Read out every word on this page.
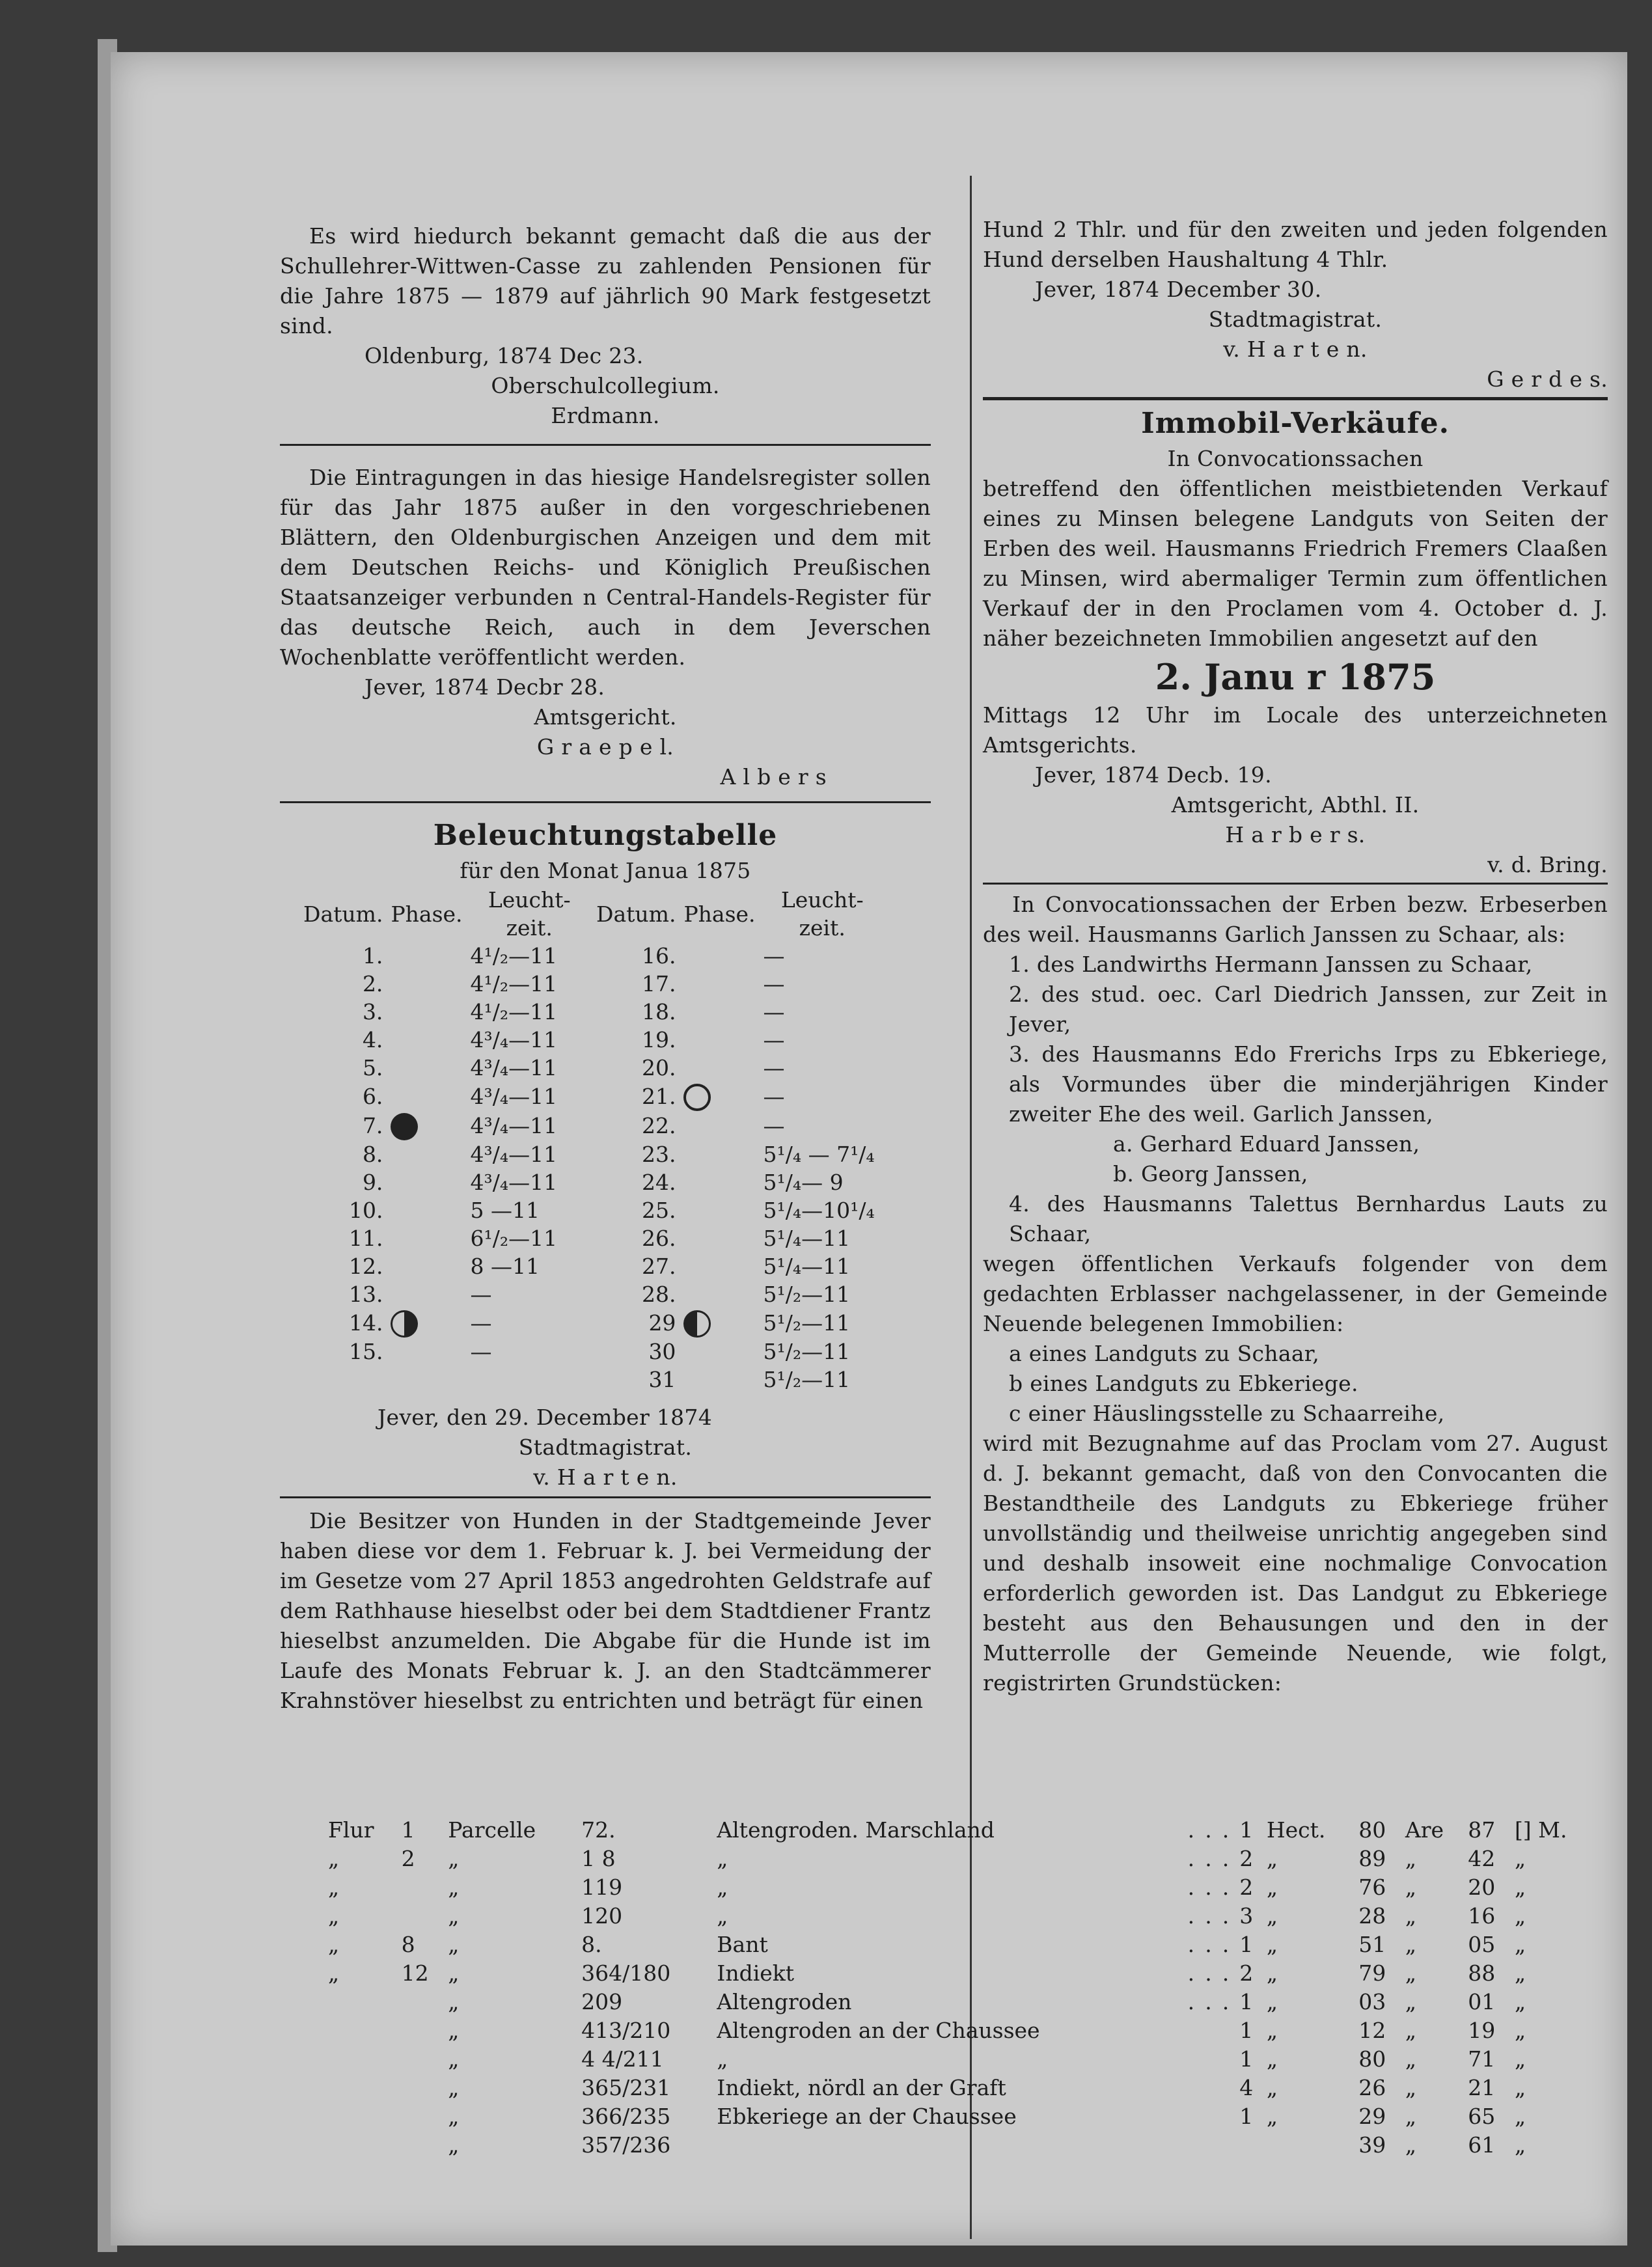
Es wird hiedurch bekannt gemacht daß die aus der Schullehrer-Wittwen-Casse zu zahlenden Pensionen für die Jahre 1875 — 1879 auf jährlich 90 Mark festgesetzt sind.

Oldenburg, 1874 Dec 23.

Oberschulcollegium.

Erdmann.

Die Eintragungen in das hiesige Handelsregister sollen für das Jahr 1875 außer in den vorgeschriebenen Blättern, den Oldenburgischen Anzeigen und dem mit dem Deutschen Reichs- und Königlich Preußischen Staatsanzeiger verbunden n Central-Handels-Register für das deutsche Reich, auch in dem Jeverschen Wochenblatte veröffentlicht werden.

Jever, 1874 Decbr 28.

Amtsgericht.

G r a e p e l.

A l b e r s

Beleuchtungstabelle

für den Monat Janua 1875

Datum.	Phase.	Leucht-zeit.	Datum.	Phase.	Leucht-zeit.
1.		4¹/₂—11	16.		—
2.		4¹/₂—11	17.		—
3.		4¹/₂—11	18.		—
4.		4³/₄—11	19.		—
5.		4³/₄—11	20.		—
6.		4³/₄—11	21.		—
7.		4³/₄—11	22.		—
8.		4³/₄—11	23.		5¹/₄ — 7¹/₄
9.		4³/₄—11	24.		5¹/₄— 9
10.		5 —11	25.		5¹/₄—10¹/₄
11.		6¹/₂—11	26.		5¹/₄—11
12.		8 —11	27.		5¹/₄—11
13.		—	28.		5¹/₂—11
14.		—	29		5¹/₂—11
15.		—	30		5¹/₂—11
			31		5¹/₂—11

Jever, den 29. December 1874

Stadtmagistrat.

v. H a r t e n.

Die Besitzer von Hunden in der Stadtgemeinde Jever haben diese vor dem 1. Februar k. J. bei Vermeidung der im Gesetze vom 27 April 1853 angedrohten Geldstrafe auf dem Rathhause hieselbst oder bei dem Stadtdiener Frantz hieselbst anzumelden. Die Abgabe für die Hunde ist im Laufe des Monats Februar k. J. an den Stadtcämmerer Krahnstöver hieselbst zu entrichten und beträgt für einen

Hund 2 Thlr. und für den zweiten und jeden folgenden Hund derselben Haushaltung 4 Thlr.

Jever, 1874 December 30.

Stadtmagistrat.

v. H a r t e n.

G e r d e s.

Immobil-Verkäufe.

In Convocationssachen

betreffend den öffentlichen meistbietenden Verkauf eines zu Minsen belegene Landguts von Seiten der Erben des weil. Hausmanns Friedrich Fremers Claaßen zu Minsen, wird abermaliger Termin zum öffentlichen Verkauf der in den Proclamen vom 4. October d. J. näher bezeichneten Immobilien angesetzt auf den

2. Janu r 1875

Mittags 12 Uhr im Locale des unterzeichneten Amtsgerichts.

Jever, 1874 Decb. 19.

Amtsgericht, Abthl. II.

H a r b e r s.

v. d. Bring.

In Convocationssachen der Erben bezw. Erbeserben des weil. Hausmanns Garlich Janssen zu Schaar, als:

1. des Landwirths Hermann Janssen zu Schaar,

2. des stud. oec. Carl Diedrich Janssen, zur Zeit in Jever,

3. des Hausmanns Edo Frerichs Irps zu Ebkeriege, als Vormundes über die minderjährigen Kinder zweiter Ehe des weil. Garlich Janssen,

a. Gerhard Eduard Janssen,

b. Georg Janssen,

4. des Hausmanns Talettus Bernhardus Lauts zu Schaar,

wegen öffentlichen Verkaufs folgender von dem gedachten Erblasser nachgelassener, in der Gemeinde Neuende belegenen Immobilien:

a eines Landguts zu Schaar,

b eines Landguts zu Ebkeriege.

c einer Häuslingsstelle zu Schaarreihe,

wird mit Bezugnahme auf das Proclam vom 27. August d. J. bekannt gemacht, daß von den Convocanten die Bestandtheile des Landguts zu Ebkeriege früher unvollständig und theilweise unrichtig angegeben sind und deshalb insoweit eine nochmalige Convocation erforderlich geworden ist. Das Landgut zu Ebkeriege besteht aus den Behausungen und den in der Mutterrolle der Gemeinde Neuende, wie folgt, registrirten Grundstücken:

Flur	1	Parcelle	72.	Altengroden. Marschland	.	.	.	1	Hect.	80	Are	87	[] M.
„	2	„	1 8	„	.	.	.	2	„	89	„	42	„
„		„	119	„	.	.	.	2	„	76	„	20	„
„		„	120	„	.	.	.	3	„	28	„	16	„
„	8	„	8.	Bant	.	.	.	1	„	51	„	05	„
„	12	„	364/180	Indiekt	.	.	.	2	„	79	„	88	„
		„	209	Altengroden	.	.	.	1	„	03	„	01	„
		„	413/210	Altengroden an der Chaussee				1	„	12	„	19	„
		„	4 4/211	„				1	„	80	„	71	„
		„	365/231	Indiekt, nördl an der Graft				4	„	26	„	21	„
		„	366/235	Ebkeriege an der Chaussee				1	„	29	„	65	„
		„	357/236							39	„	61	„
